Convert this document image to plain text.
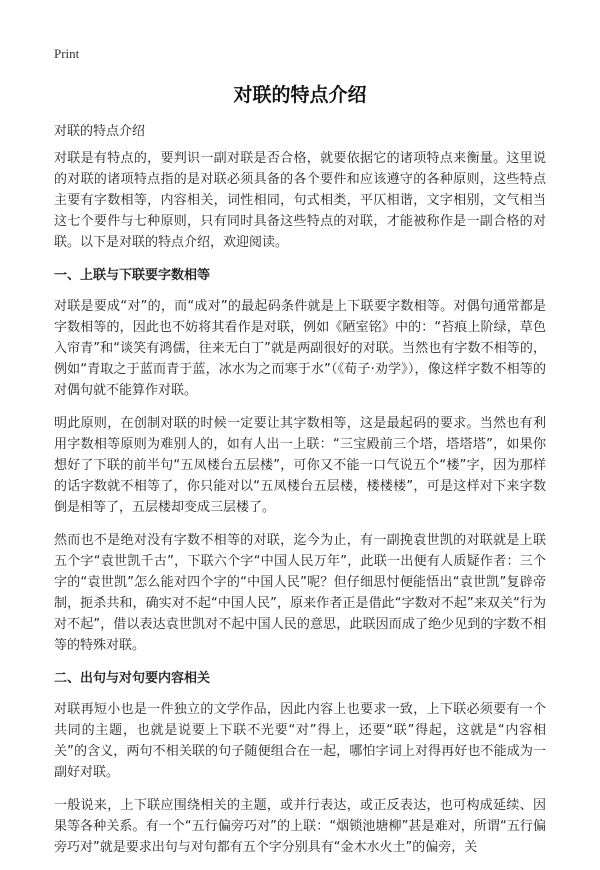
Print
对联的特点介绍

对联的特点介绍

对联是有特点的，要判识一副对联是否合格，就要依据它的诸项特点来衡量。这里说的对联的诸项特点指的是对联必须具备的各个要件和应该遵守的各种原则，这些特点主要有字数相等，内容相关，词性相同，句式相类，平仄相谐，文字相别，文气相当这七个要件与七种原则，只有同时具备这些特点的对联，才能被称作是一副合格的对联。以下是对联的特点介绍，欢迎阅读。

一、上联与下联要字数相等

对联是要成“对”的，而“成对”的最起码条件就是上下联要字数相等。对偶句通常都是字数相等的，因此也不妨将其看作是对联，例如《陋室铭》中的：“苔痕上阶绿，草色入帘青”和“谈笑有鸿儒，往来无白丁”就是两副很好的对联。当然也有字数不相等的，例如“青取之于蓝而青于蓝，冰水为之而寒于水”（《荀子·劝学》），像这样字数不相等的对偶句就不能算作对联。

明此原则，在创制对联的时候一定要让其字数相等，这是最起码的要求。当然也有利用字数相等原则为难别人的，如有人出一上联：“三宝殿前三个塔，塔塔塔”，如果你想好了下联的前半句“五凤楼台五层楼”，可你又不能一口气说五个“楼”字，因为那样的话字数就不相等了，你只能对以“五凤楼台五层楼，楼楼楼”，可是这样对下来字数倒是相等了，五层楼却变成三层楼了。

然而也不是绝对没有字数不相等的对联，迄今为止，有一副挽袁世凯的对联就是上联五个字“袁世凯千古”，下联六个字“中国人民万年”，此联一出便有人质疑作者：三个字的“袁世凯”怎么能对四个字的“中国人民”呢？但仔细思忖便能悟出“袁世凯”复辟帝制，扼杀共和，确实对不起“中国人民”，原来作者正是借此“字数对不起”来双关“行为对不起”，借以表达袁世凯对不起中国人民的意思，此联因而成了绝少见到的字数不相等的特殊对联。

二、出句与对句要内容相关

对联再短小也是一件独立的文学作品，因此内容上也要求一致，上下联必须要有一个共同的主题，也就是说要上下联不光要“对”得上，还要“联”得起，这就是“内容相关”的含义，两句不相关联的句子随便组合在一起，哪怕字词上对得再好也不能成为一副好对联。

一般说来，上下联应围绕相关的主题，或并行表达，或正反表达，也可构成延续、因果等各种关系。有一个“五行偏旁巧对”的上联：“烟锁池塘柳”甚是难对，所谓“五行偏旁巧对”就是要求出句与对句都有五个字分别具有“金木水火土”的偏旁，关
